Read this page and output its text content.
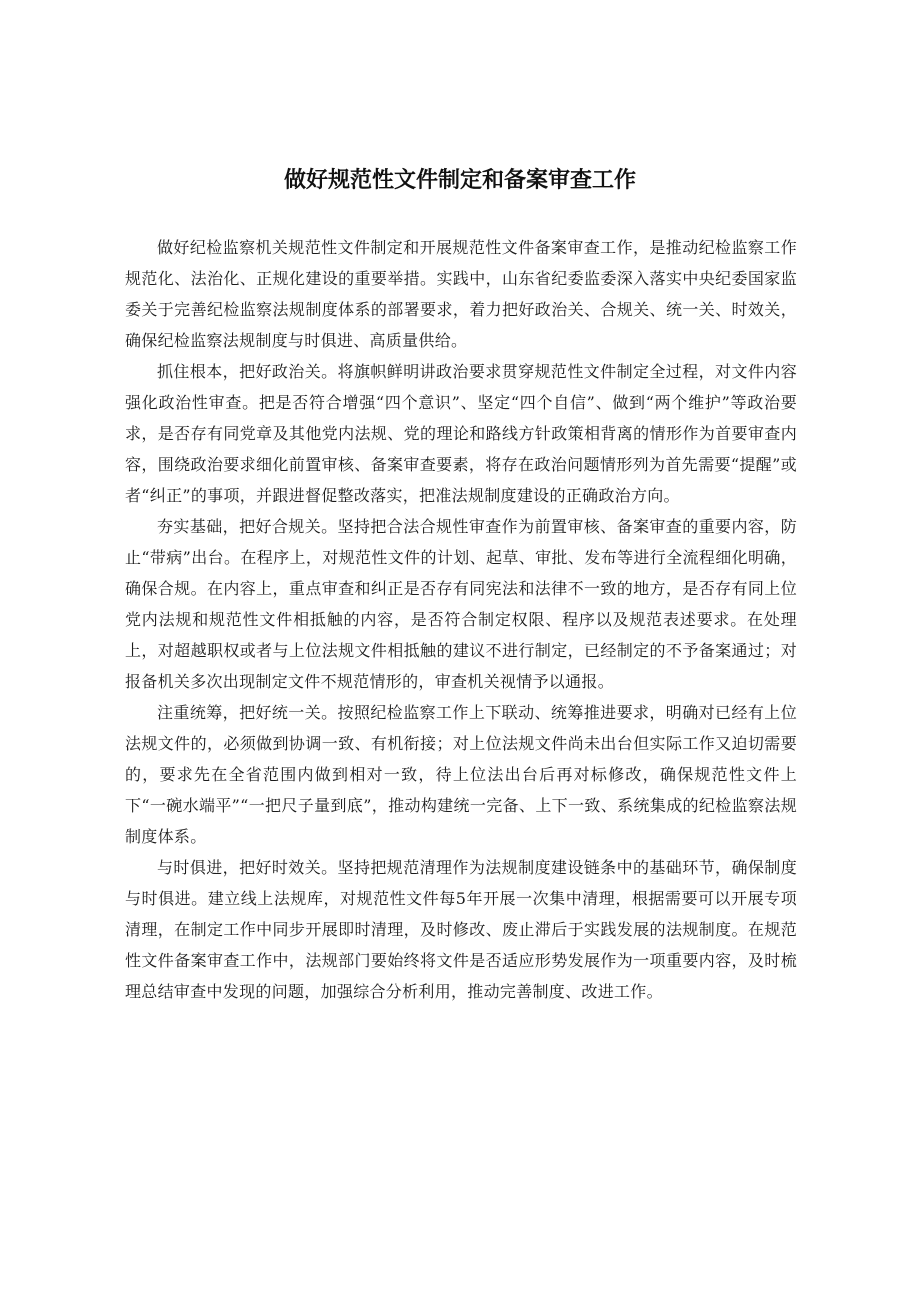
做好规范性文件制定和备案审查工作

做好纪检监察机关规范性文件制定和开展规范性文件备案审查工作，是推动纪检监察工作规范化、法治化、正规化建设的重要举措。实践中，山东省纪委监委深入落实中央纪委国家监委关于完善纪检监察法规制度体系的部署要求，着力把好政治关、合规关、统一关、时效关，确保纪检监察法规制度与时俱进、高质量供给。

抓住根本，把好政治关。将旗帜鲜明讲政治要求贯穿规范性文件制定全过程，对文件内容强化政治性审查。把是否符合增强“四个意识”、坚定“四个自信”、做到“两个维护”等政治要求，是否存有同党章及其他党内法规、党的理论和路线方针政策相背离的情形作为首要审查内容，围绕政治要求细化前置审核、备案审查要素，将存在政治问题情形列为首先需要“提醒”或者“纠正”的事项，并跟进督促整改落实，把准法规制度建设的正确政治方向。

夯实基础，把好合规关。坚持把合法合规性审查作为前置审核、备案审查的重要内容，防止“带病”出台。在程序上，对规范性文件的计划、起草、审批、发布等进行全流程细化明确，确保合规。在内容上，重点审查和纠正是否存有同宪法和法律不一致的地方，是否存有同上位党内法规和规范性文件相抵触的内容，是否符合制定权限、程序以及规范表述要求。在处理上，对超越职权或者与上位法规文件相抵触的建议不进行制定，已经制定的不予备案通过；对报备机关多次出现制定文件不规范情形的，审查机关视情予以通报。

注重统筹，把好统一关。按照纪检监察工作上下联动、统筹推进要求，明确对已经有上位法规文件的，必须做到协调一致、有机衔接；对上位法规文件尚未出台但实际工作又迫切需要的，要求先在全省范围内做到相对一致，待上位法出台后再对标修改，确保规范性文件上下“一碗水端平”“一把尺子量到底”，推动构建统一完备、上下一致、系统集成的纪检监察法规制度体系。

与时俱进，把好时效关。坚持把规范清理作为法规制度建设链条中的基础环节，确保制度与时俱进。建立线上法规库，对规范性文件每5年开展一次集中清理，根据需要可以开展专项清理，在制定工作中同步开展即时清理，及时修改、废止滞后于实践发展的法规制度。在规范性文件备案审查工作中，法规部门要始终将文件是否适应形势发展作为一项重要内容，及时梳理总结审查中发现的问题，加强综合分析利用，推动完善制度、改进工作。
